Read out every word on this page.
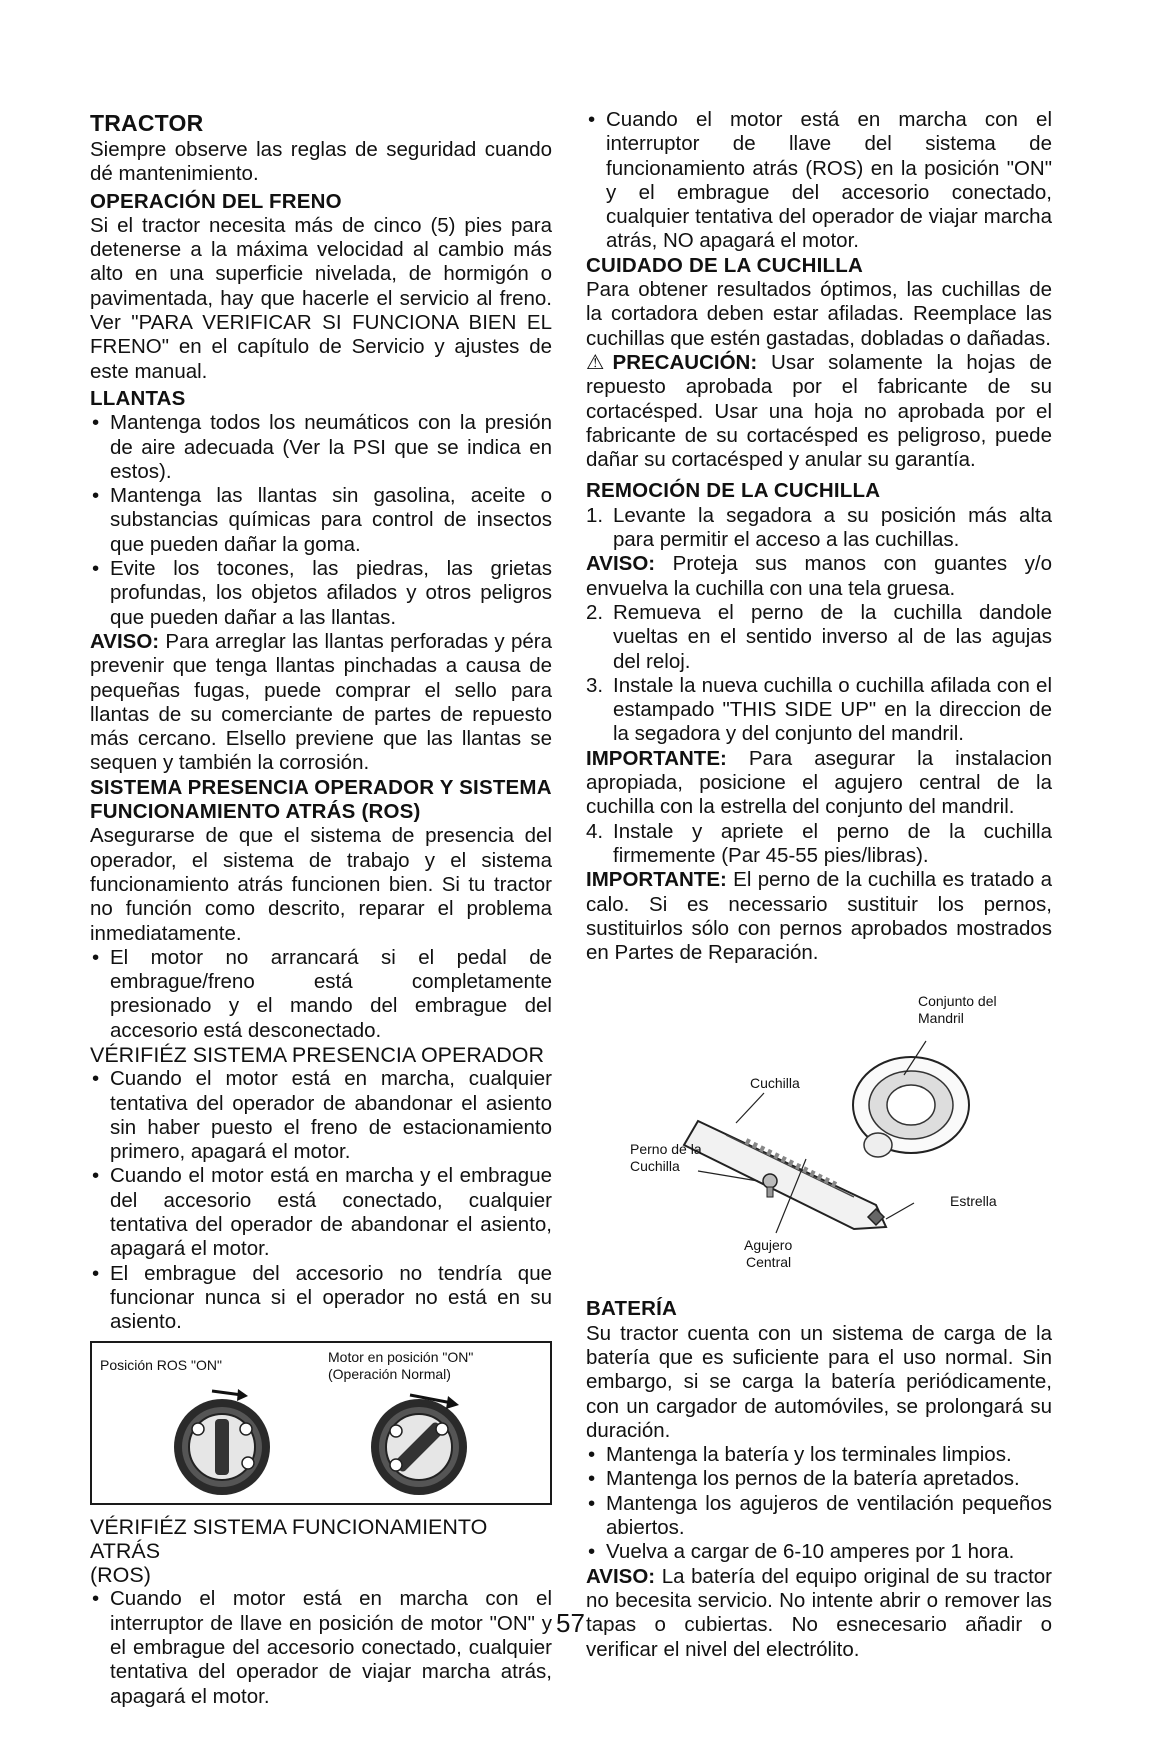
TRACTOR

Siempre observe las reglas de seguridad cuando dé mantenimiento.

OPERACIÓN DEL FRENO

Si el tractor necesita más de cinco (5) pies para detenerse a la máxima velocidad al cambio más alto en una superficie nivelada, de hormigón o pavimentada, hay que hacerle el servicio al freno. Ver "PARA VERIFICAR SI FUNCIONA BIEN EL FRENO" en el capítulo de Servicio y ajustes de este manual.

LLANTAS
• Mantenga todos los neumáticos con la presión de aire adecuada (Ver la PSI que se indica en estos).
• Mantenga las llantas sin gasolina, aceite o substancias químicas para control de insectos que pueden dañar la goma.
• Evite los tocones, las piedras, las grietas profundas, los objetos afilados y otros peligros que pueden dañar a las llantas.

AVISO: Para arreglar las llantas perforadas y péra prevenir que tenga llantas pinchadas a causa de pequeñas fugas, puede comprar el sello para llantas de su comerciante de partes de repuesto más cercano. Elsello previene que las llantas se sequen y también la corrosión.

SISTEMA PRESENCIA OPERADOR Y SISTEMA
FUNCIONAMIENTO ATRÁS (ROS)

Asegurarse de que el sistema de presencia del operador, el sistema de trabajo y el sistema funcionamiento atrás funcionen bien. Si tu tractor no función como descrito, reparar el problema inmediatamente.

• El motor no arrancará si el pedal de embrague/freno está completamente presionado y el mando del embrague del accesorio está desconectado.
VÉRIFIÉZ SISTEMA PRESENCIA OPERADOR
• Cuando el motor está en marcha, cualquier tentativa del operador de abandonar el asiento sin haber puesto el freno de estacionamiento primero, apagará el motor.
• Cuando el motor está en marcha y el embrague del accesorio está conectado, cualquier tentativa del operador de abandonar el asiento, apagará el motor.
• El embrague del accesorio no tendría que funcionar nunca si el operador no está en su asiento.
Posición ROS "ON"	Motor en posición "ON"
(Operación Normal)
VÉRIFIÉZ SISTEMA FUNCIONAMIENTO ATRÁS
(ROS)
• Cuando el motor está en marcha con el interruptor de llave en posición de motor "ON" y el embrague del accesorio conectado, cualquier tentativa del operador de viajar marcha atrás, apagará el motor.
• Cuando el motor está en marcha con el interruptor de llave del sistema de funcionamiento atrás (ROS) en la posición "ON" y el embrague del accesorio conectado, cualquier tentativa del operador de viajar marcha atrás, NO apagará el motor.
CUIDADO DE LA CUCHILLA

Para obtener resultados óptimos, las cuchillas de la cortadora deben estar afiladas. Reemplace las cuchillas que estén gastadas, dobladas o dañadas.

⚠PRECAUCIÓN: Usar solamente la hojas de repuesto aprobada por el fabricante de su cortacésped. Usar una hoja no aprobada por el fabricante de su cortacésped es peligroso, puede dañar su cortacésped y anular su garantía.

REMOCIÓN DE LA CUCHILLA
1. Levante la segadora a su posición más alta para permitir el acceso a las cuchillas.

AVISO: Proteja sus manos con guantes y/o envuelva la cuchilla con una tela gruesa.

2. Remueva el perno de la cuchilla dandole vueltas en el sentido inverso al de las agujas del reloj.
3. Instale la nueva cuchilla o cuchilla afilada con el estampado "THIS SIDE UP" en la direccion de la segadora y del conjunto del mandril.

IMPORTANTE: Para asegurar la instalacion apropiada, posicione el agujero central de la cuchilla con la estrella del conjunto del mandril.

4. Instale y apriete el perno de la cuchilla firmemente (Par 45-55 pies/libras).

IMPORTANTE: El perno de la cuchilla es tratado a calo. Si es necessario sustituir los pernos, sustituirlos sólo con pernos aprobados mostrados en Partes de Reparación.

Conjunto del
Mandril
Cuchilla
Perno de la
Cuchilla
Estrella
Agujero
Central
BATERÍA

Su tractor cuenta con un sistema de carga de la batería que es suficiente para el uso normal. Sin embargo, si se carga la batería periódicamente, con un cargador de automóviles, se prolongará su duración.

• Mantenga la batería y los terminales limpios.
• Mantenga los pernos de la batería apretados.
• Mantenga los agujeros de ventilación pequeños abiertos.
• Vuelva a cargar de 6-10 amperes por 1 hora.

AVISO: La batería del equipo original de su tractor no becesita servicio. No intente abrir o remover las tapas o cubiertas. No esnecesario añadir o verificar el nivel del electrólito.

57
